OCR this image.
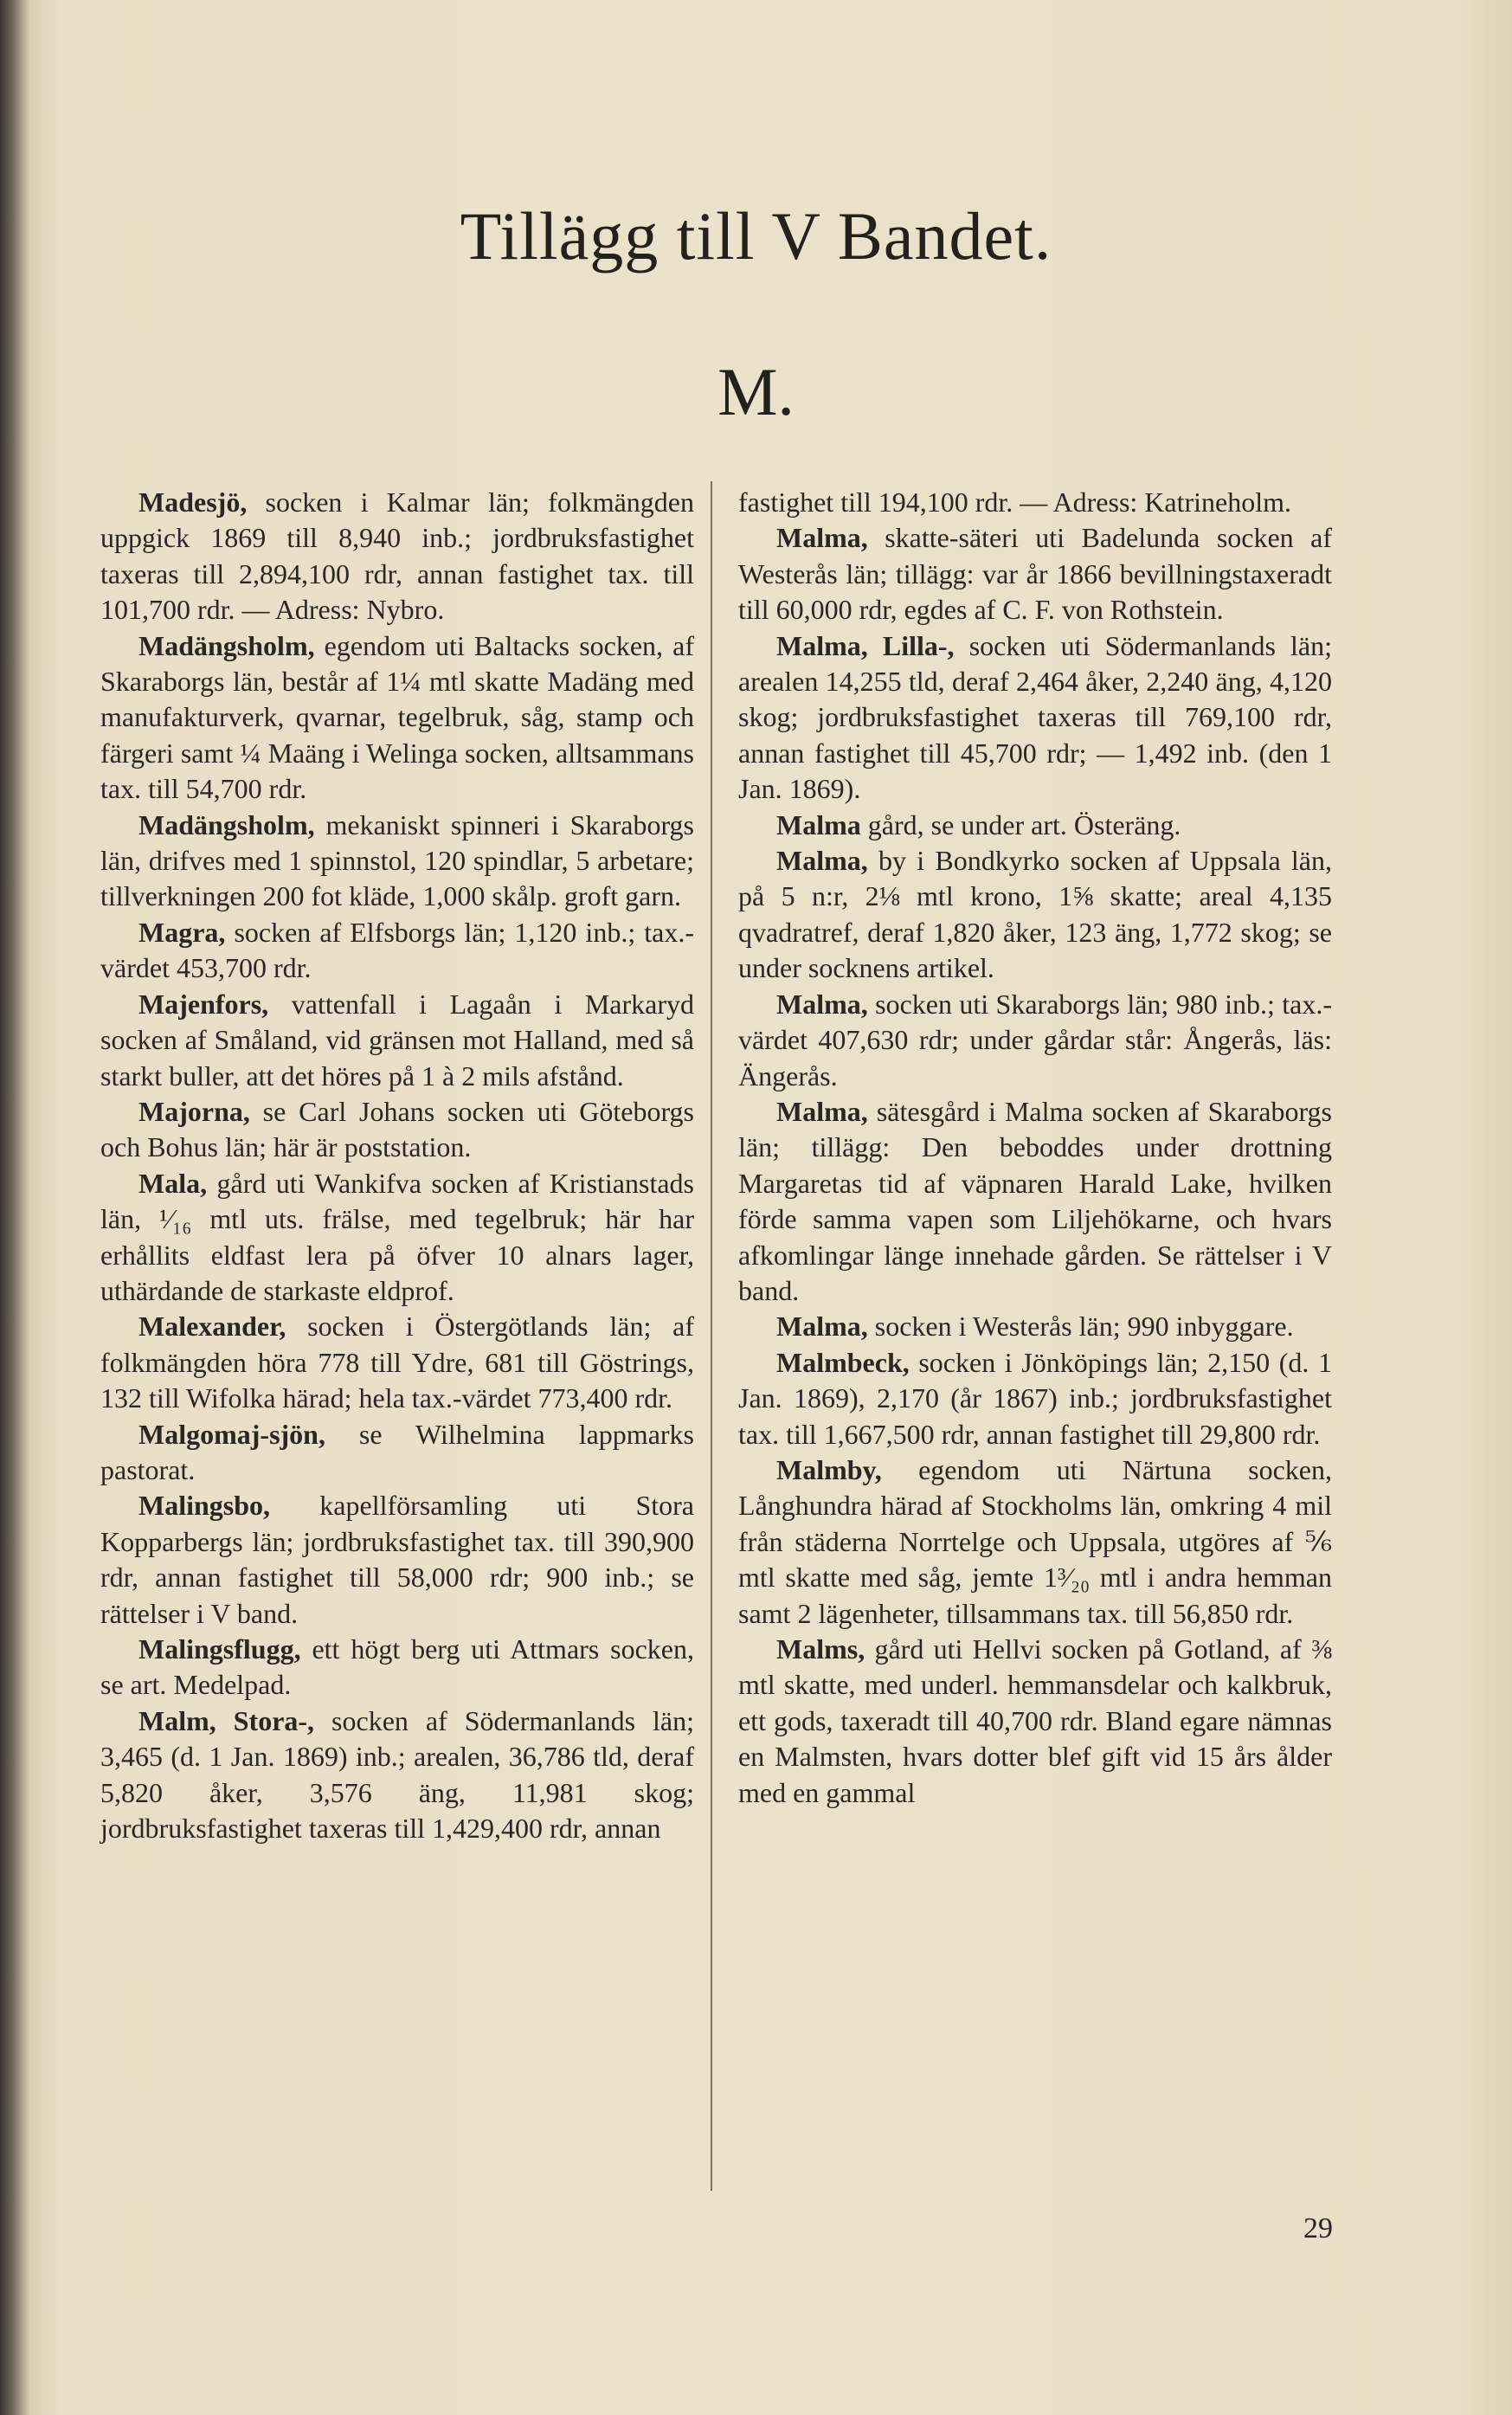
Tillägg till V Bandet.
M.

Madesjö, socken i Kalmar län; folkmängden uppgick 1869 till 8,940 inb.; jordbruksfastighet taxeras till 2,894,100 rdr, annan fastighet tax. till 101,700 rdr. — Adress: Nybro.

Madängsholm, egendom uti Baltacks socken, af Skaraborgs län, består af 1¼ mtl skatte Madäng med manufakturverk, qvarnar, tegelbruk, såg, stamp och färgeri samt ¼ Maäng i Welinga socken, alltsammans tax. till 54,700 rdr.

Madängsholm, mekaniskt spinneri i Skaraborgs län, drifves med 1 spinnstol, 120 spindlar, 5 arbetare; tillverkningen 200 fot kläde, 1,000 skålp. groft garn.

Magra, socken af Elfsborgs län; 1,120 inb.; tax.-värdet 453,700 rdr.

Majenfors, vattenfall i Lagaån i Markaryd socken af Småland, vid gränsen mot Halland, med så starkt buller, att det höres på 1 à 2 mils afstånd.

Majorna, se Carl Johans socken uti Göteborgs och Bohus län; här är poststation.

Mala, gård uti Wankifva socken af Kristianstads län, ¹⁄₁₆ mtl uts. frälse, med tegelbruk; här har erhållits eldfast lera på öfver 10 alnars lager, uthärdande de starkaste eldprof.

Malexander, socken i Östergötlands län; af folkmängden höra 778 till Ydre, 681 till Göstrings, 132 till Wifolka härad; hela tax.-värdet 773,400 rdr.

Malgomaj-sjön, se Wilhelmina lappmarks pastorat.

Malingsbo, kapellförsamling uti Stora Kopparbergs län; jordbruksfastighet tax. till 390,900 rdr, annan fastighet till 58,000 rdr; 900 inb.; se rättelser i V band.

Malingsflugg, ett högt berg uti Attmars socken, se art. Medelpad.

Malm, Stora-, socken af Södermanlands län; 3,465 (d. 1 Jan. 1869) inb.; arealen, 36,786 tld, deraf 5,820 åker, 3,576 äng, 11,981 skog; jordbruksfastighet taxeras till 1,429,400 rdr, annan

fastighet till 194,100 rdr. — Adress: Katrineholm.

Malma, skatte-säteri uti Badelunda socken af Westerås län; tillägg: var år 1866 bevillningstaxeradt till 60,000 rdr, egdes af C. F. von Rothstein.

Malma, Lilla-, socken uti Södermanlands län; arealen 14,255 tld, deraf 2,464 åker, 2,240 äng, 4,120 skog; jordbruksfastighet taxeras till 769,100 rdr, annan fastighet till 45,700 rdr; — 1,492 inb. (den 1 Jan. 1869).

Malma gård, se under art. Österäng.

Malma, by i Bondkyrko socken af Uppsala län, på 5 n:r, 2⅛ mtl krono, 1⅝ skatte; areal 4,135 qvadratref, deraf 1,820 åker, 123 äng, 1,772 skog; se under socknens artikel.

Malma, socken uti Skaraborgs län; 980 inb.; tax.-värdet 407,630 rdr; under gårdar står: Ångerås, läs: Ängerås.

Malma, sätesgård i Malma socken af Skaraborgs län; tillägg: Den beboddes under drottning Margaretas tid af väpnaren Harald Lake, hvilken förde samma vapen som Liljehökarne, och hvars afkomlingar länge innehade gården. Se rättelser i V band.

Malma, socken i Westerås län; 990 inbyggare.

Malmbeck, socken i Jönköpings län; 2,150 (d. 1 Jan. 1869), 2,170 (år 1867) inb.; jordbruksfastighet tax. till 1,667,500 rdr, annan fastighet till 29,800 rdr.

Malmby, egendom uti Närtuna socken, Långhundra härad af Stockholms län, omkring 4 mil från städerna Norrtelge och Uppsala, utgöres af ⅚ mtl skatte med såg, jemte 1³⁄₂₀ mtl i andra hemman samt 2 lägenheter, tillsammans tax. till 56,850 rdr.

Malms, gård uti Hellvi socken på Gotland, af ⅜ mtl skatte, med underl. hemmansdelar och kalkbruk, ett gods, taxeradt till 40,700 rdr. Bland egare nämnas en Malmsten, hvars dotter blef gift vid 15 års ålder med en gammal

29
